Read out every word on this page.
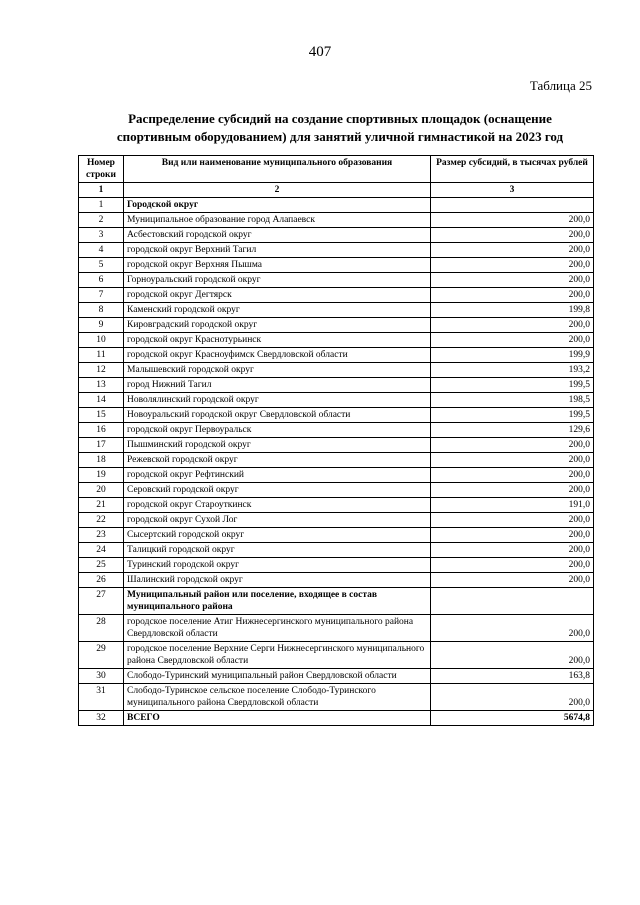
407
Таблица 25
Распределение субсидий на создание спортивных площадок (оснащение спортивным оборудованием) для занятий уличной гимнастикой на 2023 год
Номер строки	Вид или наименование муниципального образования	Размер субсидий, в тысячах рублей
1	2	3
1	Городской округ	
2	Муниципальное образование город Алапаевск	200,0
3	Асбестовский городской округ	200,0
4	городской округ Верхний Тагил	200,0
5	городской округ Верхняя Пышма	200,0
6	Горноуральский городской округ	200,0
7	городской округ Дегтярск	200,0
8	Каменский городской округ	199,8
9	Кировградский городской округ	200,0
10	городской округ Краснотурьинск	200,0
11	городской округ Красноуфимск Свердловской области	199,9
12	Малышевский городской округ	193,2
13	город Нижний Тагил	199,5
14	Новолялинский городской округ	198,5
15	Новоуральский городской округ Свердловской области	199,5
16	городской округ Первоуральск	129,6
17	Пышминский городской округ	200,0
18	Режевской городской округ	200,0
19	городской округ Рефтинский	200,0
20	Серовский городской округ	200,0
21	городской округ Староуткинск	191,0
22	городской округ Сухой Лог	200,0
23	Сысертский городской округ	200,0
24	Талицкий городской округ	200,0
25	Туринский городской округ	200,0
26	Шалинский городской округ	200,0
27	Муниципальный район или поселение, входящее в состав муниципального района	
28	городское поселение Атиг Нижнесергинского муниципального района Свердловской области	200,0
29	городское поселение Верхние Серги Нижнесергинского муниципального района Свердловской области	200,0
30	Слободо-Туринский муниципальный район Свердловской области	163,8
31	Слободо-Туринское сельское поселение Слободо-Туринского муниципального района Свердловской области	200,0
32	ВСЕГО	5674,8
